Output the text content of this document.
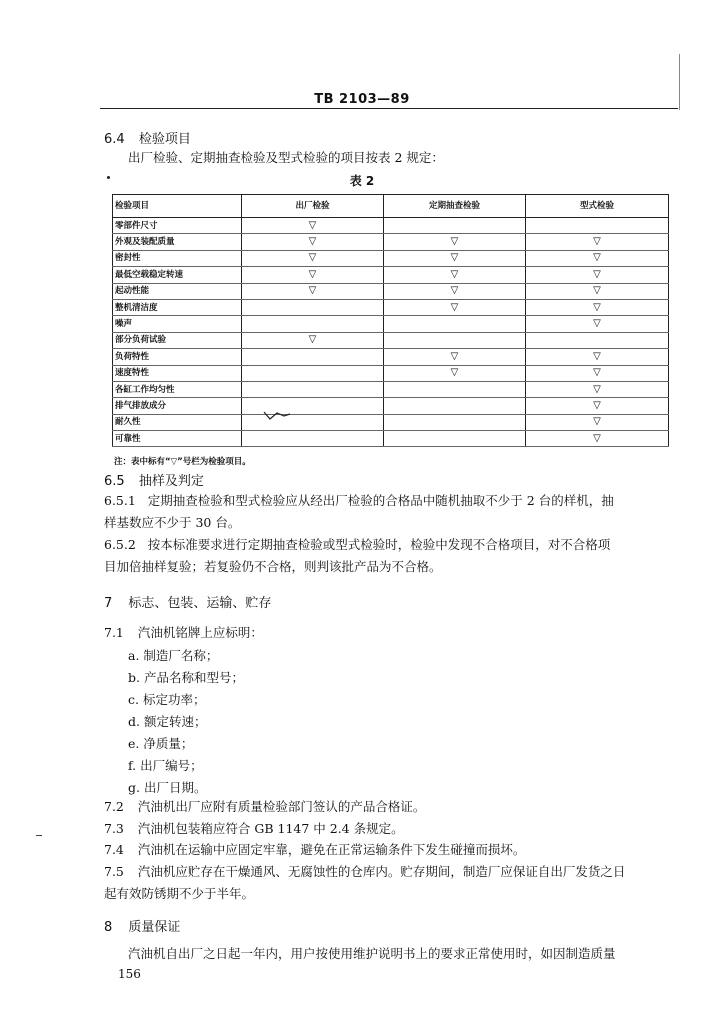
TB 2103—89
6.4 检验项目
出厂检验、定期抽查检验及型式检验的项目按表 2 规定：
表 2
检验项目	出厂检验	定期抽查检验	型式检验
零部件尺寸	▽		
外观及装配质量	▽	▽	▽
密封性	▽	▽	▽
最低空载稳定转速	▽	▽	▽
起动性能	▽	▽	▽
整机清洁度		▽	▽
噪声			▽
部分负荷试验	▽		
负荷特性		▽	▽
速度特性		▽	▽
各缸工作均匀性			▽
排气排放成分			▽
耐久性			▽
可靠性			▽
注：表中标有“▽”号栏为检验项目。
6.5 抽样及判定
6.5.1 定期抽查检验和型式检验应从经出厂检验的合格品中随机抽取不少于 2 台的样机，抽
样基数应不少于 30 台。
6.5.2 按本标准要求进行定期抽查检验或型式检验时，检验中发现不合格项目，对不合格项
目加倍抽样复验；若复验仍不合格，则判该批产品为不合格。
7 标志、包装、运输、贮存
7.1 汽油机铭牌上应标明：
a. 制造厂名称；
b. 产品名称和型号；
c. 标定功率；
d. 额定转速；
e. 净质量；
f. 出厂编号；
g. 出厂日期。
7.2 汽油机出厂应附有质量检验部门签认的产品合格证。
7.3 汽油机包装箱应符合 GB 1147 中 2.4 条规定。
7.4 汽油机在运输中应固定牢靠，避免在正常运输条件下发生碰撞而损坏。
7.5 汽油机应贮存在干燥通风、无腐蚀性的仓库内。贮存期间，制造厂应保证自出厂发货之日
起有效防锈期不少于半年。
8 质量保证
汽油机自出厂之日起一年内，用户按使用维护说明书上的要求正常使用时，如因制造质量
156
